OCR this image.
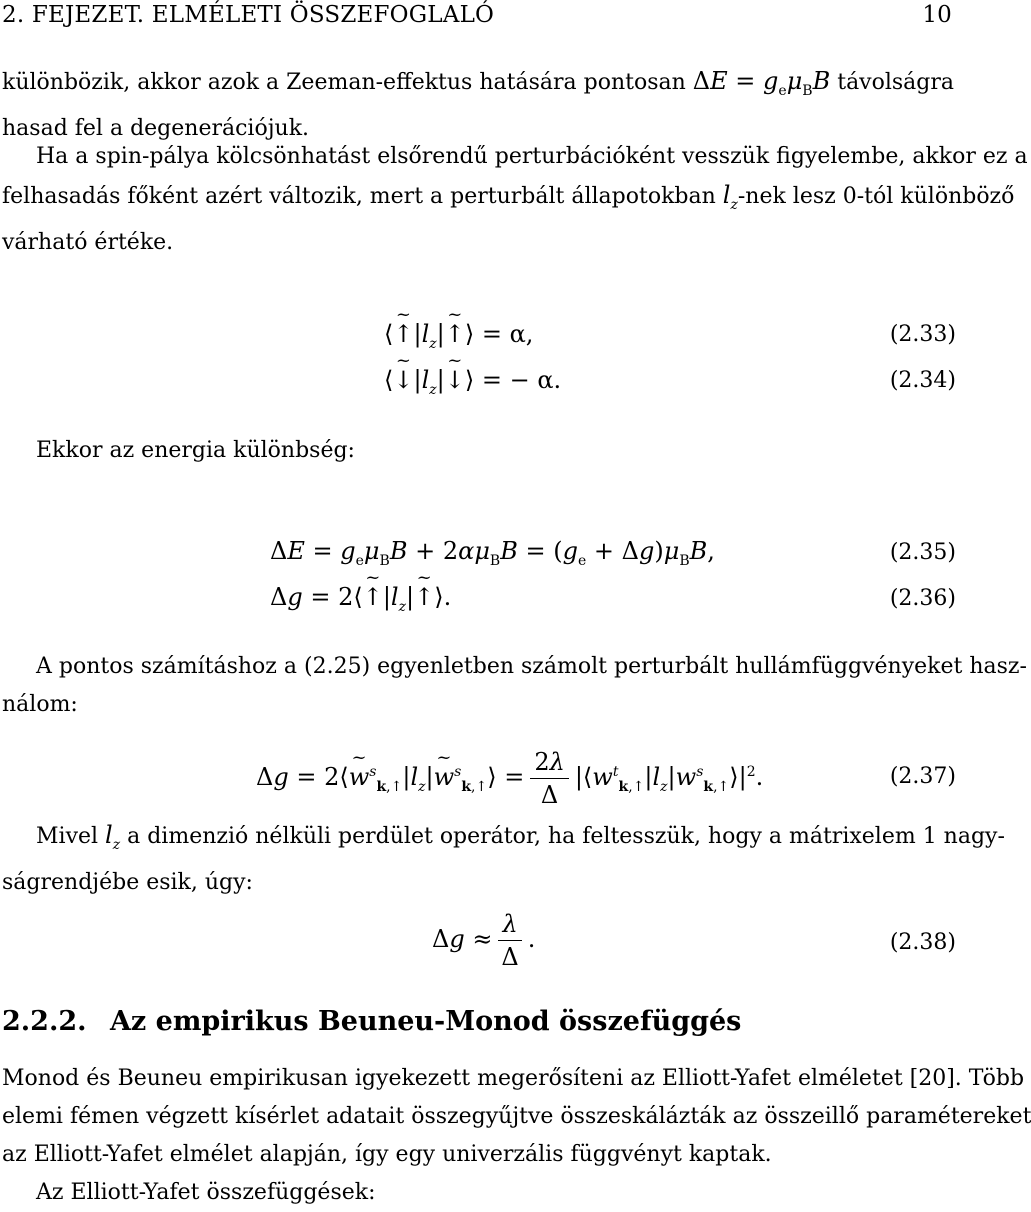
2. FEJEZET. ELMÉLETI ÖSSZEFOGLALÓ	10

különbözik, akkor azok a Zeeman-effektus hatására pontosan $\Delta E = g_e\mu_BB$ távolságra

hasad fel a degenerációjuk.

Ha a spin-pálya kölcsönhatást elsőrendű perturbációként vesszük figyelembe, akkor ez a

felhasadás főként azért változik, mert a perturbált állapotokban $l_z$-nek lesz 0-tól különböző

várható értéke.

⟨~ $↑|l_z|\sim$ ↑⟩ = α,	(2.33)
⟨~ $↓|l_z|\sim$ ↓⟩ = − α.	(2.34)
Ekkor az energia különbség:
$\Delta E = g_e\mu_BB + 2\alpha\mu_BB = (g_e + \Delta g)\mu_BB$,	(2.35)
Δg = 2⟨~ $↑|l_z|\sim$ ↑⟩.	(2.36)

A pontos számításhoz a (2.25) egyenletben számolt perturbált hullámfüggvényeket hasz-

nálom:

Δg = 2⟨~ $w^s_{k,↑}|l_z|\sim$ $w^s_{k,↑}⟩ = \frac{2\lambda}{\Delta}$ $|⟨w^t_{k,↑}|l_z|w^s_{k,↑}⟩|^2$.	(2.37)

Mivel $l_z$ a dimenzió nélküli perdület operátor, ha feltesszük, hogy a mátrixelem 1 nagy-

ságrendjébe esik, úgy:

$\Delta g \approx \frac{\lambda}{\Delta}$ .	(2.38)
2.2.2. Az empirikus Beuneu-Monod összefüggés

Monod és Beuneu empirikusan igyekezett megerősíteni az Elliott-Yafet elméletet [20]. Több

elemi fémen végzett kísérlet adatait összegyűjtve összeskálázták az összeillő paramétereket

az Elliott-Yafet elmélet alapján, így egy univerzális függvényt kaptak.

Az Elliott-Yafet összefüggések:
